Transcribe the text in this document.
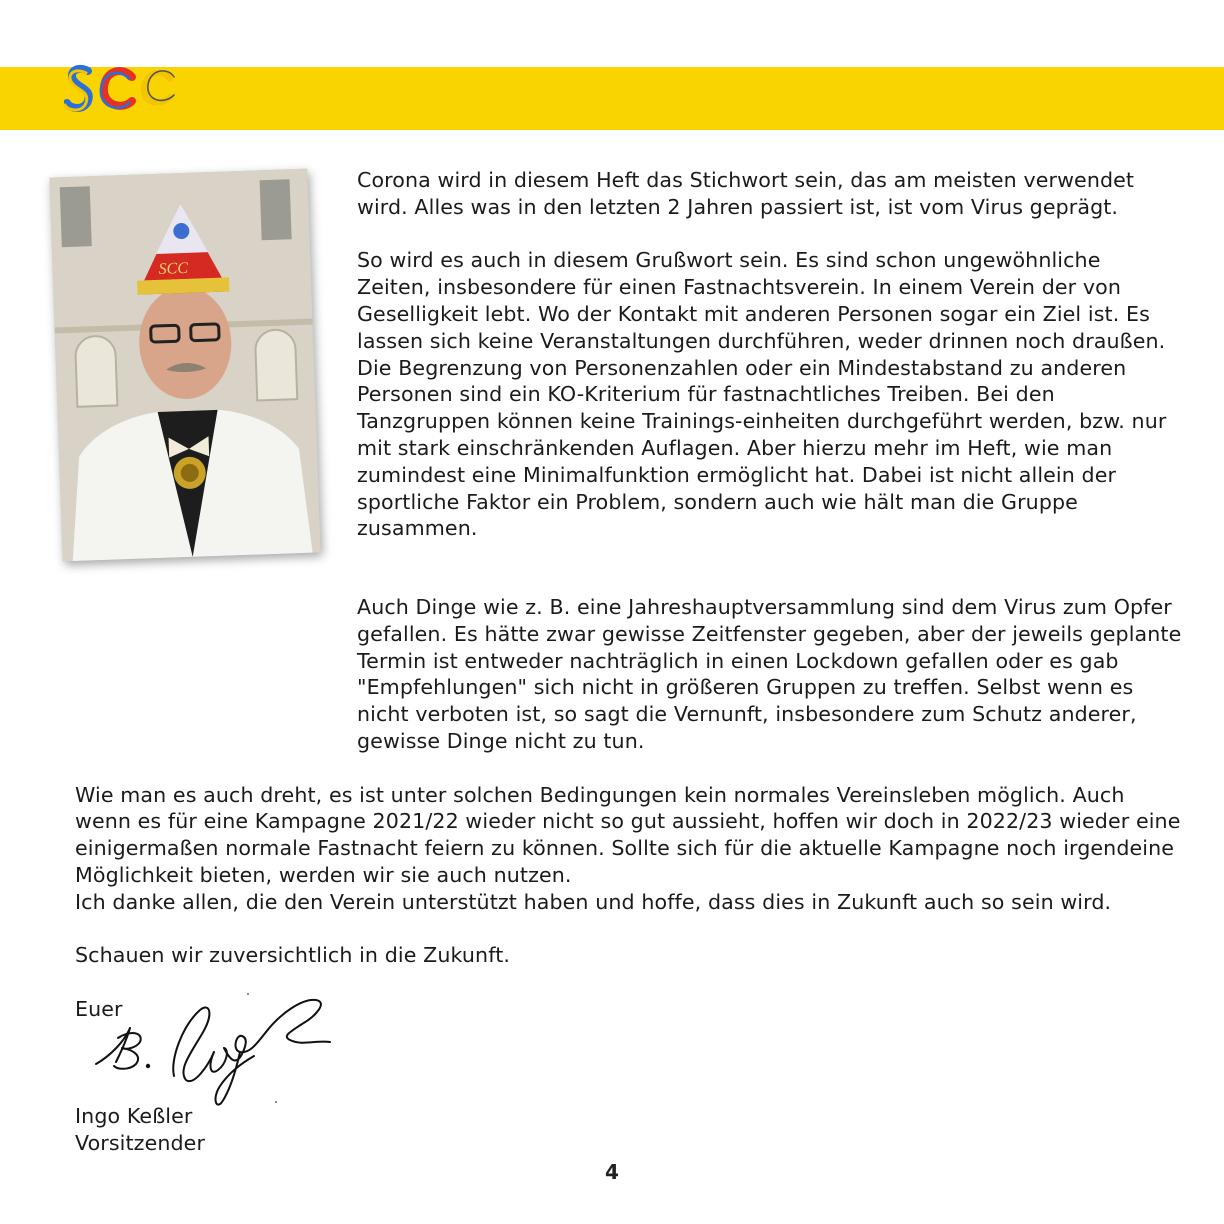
SCC

Corona wird in diesem Heft das Stichwort sein, das am meisten verwendet wird. Alles was in den letzten 2 Jahren passiert ist, ist vom Virus geprägt.

So wird es auch in diesem Grußwort sein. Es sind schon ungewöhnliche Zeiten, insbesondere für einen Fastnachtsverein. In einem Verein der von Geselligkeit lebt. Wo der Kontakt mit anderen Personen sogar ein Ziel ist. Es lassen sich keine Veranstaltungen durchführen, weder drinnen noch draußen. Die Begrenzung von Personenzahlen oder ein Mindestabstand zu anderen Personen sind ein KO-Kriterium für fastnachtliches Treiben. Bei den Tanzgruppen können keine Trainings-einheiten durchgeführt werden, bzw. nur mit stark einschränkenden Auflagen. Aber hierzu mehr im Heft, wie man zumindest eine Minimalfunktion ermöglicht hat. Dabei ist nicht allein der sportliche Faktor ein Problem, sondern auch wie hält man die Gruppe zusammen.

Auch Dinge wie z. B. eine Jahreshauptversammlung sind dem Virus zum Opfer gefallen. Es hätte zwar gewisse Zeitfenster gegeben, aber der jeweils geplante Termin ist entweder nachträglich in einen Lockdown gefallen oder es gab "Empfehlungen" sich nicht in größeren Gruppen zu treffen. Selbst wenn es nicht verboten ist, so sagt die Vernunft, insbesondere zum Schutz anderer, gewisse Dinge nicht zu tun.

Wie man es auch dreht, es ist unter solchen Bedingungen kein normales Vereinsleben möglich. Auch wenn es für eine Kampagne 2021/22 wieder nicht so gut aussieht, hoffen wir doch in 2022/23 wieder eine einigermaßen normale Fastnacht feiern zu können. Sollte sich für die aktuelle Kampagne noch irgendeine Möglichkeit bieten, werden wir sie auch nutzen.

Ich danke allen, die den Verein unterstützt haben und hoffe, dass dies in Zukunft auch so sein wird.

Schauen wir zuversichtlich in die Zukunft.

Euer

Ingo Keßler

Vorsitzender

4
